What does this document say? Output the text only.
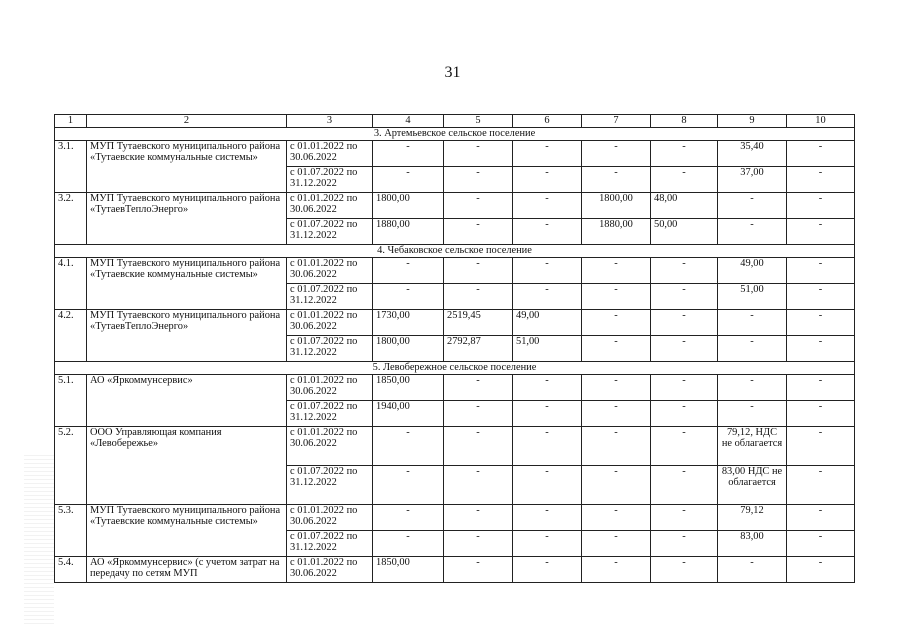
31
1	2	3	4	5	6	7	8	9	10
3. Артемьевское сельское поселение									
3.1.	МУП Тутаевского муниципального района «Тутаевские коммунальные системы»	с 01.01.2022 по 30.06.2022	-	-	-	-	-	35,40	-
		с 01.07.2022 по 31.12.2022	-	-	-	-	-	37,00	-
3.2.	МУП Тутаевского муниципального района «ТутаевТеплоЭнерго»	с 01.01.2022 по 30.06.2022	1800,00	-	-	1800,00	48,00	-	-
		с 01.07.2022 по 31.12.2022	1880,00	-	-	1880,00	50,00	-	-
4. Чебаковское сельское поселение									
4.1.	МУП Тутаевского муниципального района «Тутаевские коммунальные системы»	с 01.01.2022 по 30.06.2022	-	-	-	-	-	49,00	-
		с 01.07.2022 по 31.12.2022	-	-	-	-	-	51,00	-
4.2.	МУП Тутаевского муниципального района «ТутаевТеплоЭнерго»	с 01.01.2022 по 30.06.2022	1730,00	2519,45	49,00	-	-	-	-
		с 01.07.2022 по 31.12.2022	1800,00	2792,87	51,00	-	-	-	-
5. Левобережное сельское поселение									
5.1.	АО «Яркоммунсервис»	с 01.01.2022 по 30.06.2022	1850,00	-	-	-	-	-	-
		с 01.07.2022 по 31.12.2022	1940,00	-	-	-	-	-	-
5.2.	ООО Управляющая компания «Левобережье»	с 01.01.2022 по 30.06.2022	-	-	-	-	-	79,12, НДС не облагается	-
		с 01.07.2022 по 31.12.2022	-	-	-	-	-	83,00 НДС не облагается	-
5.3.	МУП Тутаевского муниципального района «Тутаевские коммунальные системы»	с 01.01.2022 по 30.06.2022	-	-	-	-	-	79,12	-
		с 01.07.2022 по 31.12.2022	-	-	-	-	-	83,00	-
5.4.	АО «Яркоммунсервис» (с учетом затрат на передачу по сетям МУП	с 01.01.2022 по 30.06.2022	1850,00	-	-	-	-	-	-
